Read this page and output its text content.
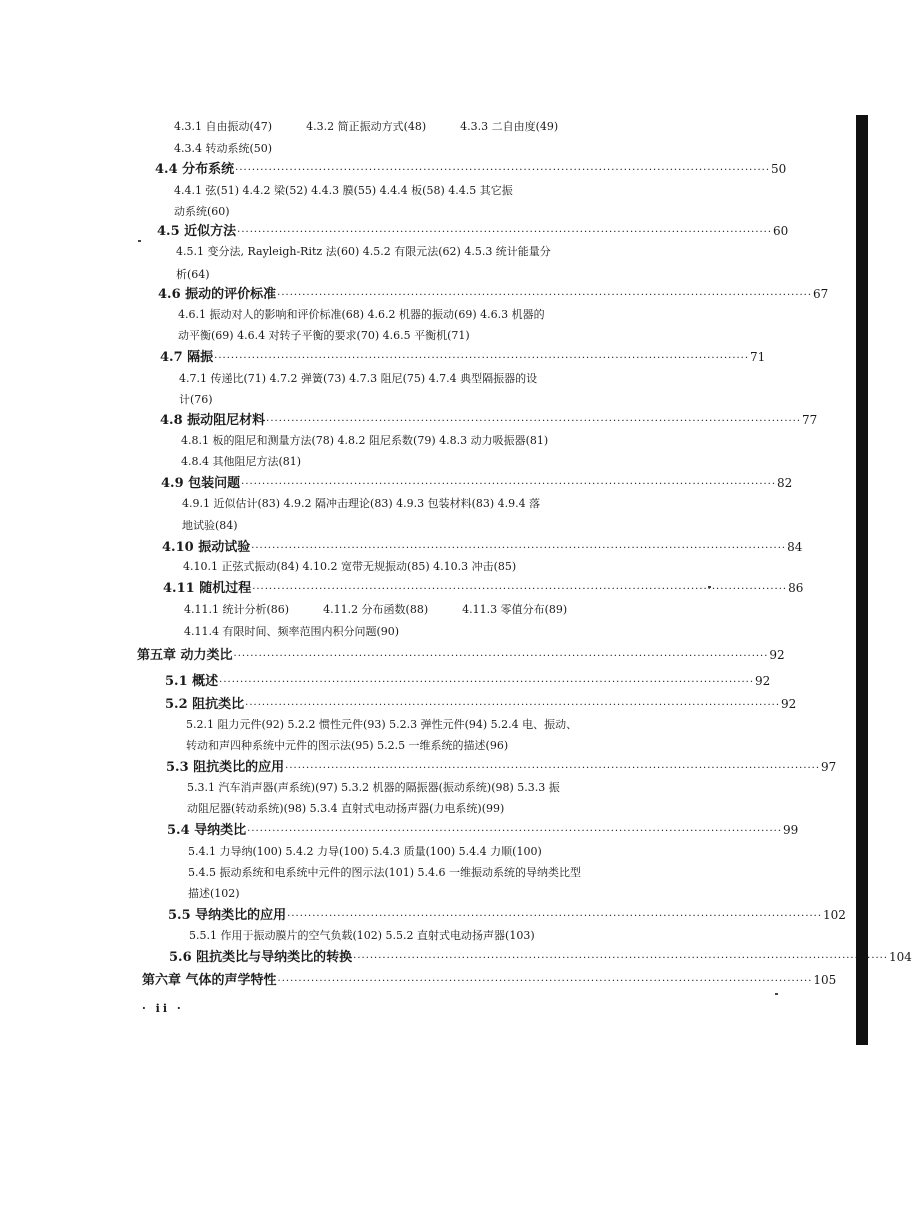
4.3.1 自由振动(47)	4.3.2 简正振动方式(48)	4.3.3 二自由度(49)
4.3.4 转动系统(50)
4.4 分布系统 ································································································································ 50
4.4.1 弦(51) 4.4.2 梁(52) 4.4.3 膜(55) 4.4.4 板(58) 4.4.5 其它振
动系统(60)
4.5 近似方法 ································································································································ 60
4.5.1 变分法, Rayleigh-Ritz 法(60) 4.5.2 有限元法(62) 4.5.3 统计能量分
析(64)
4.6 振动的评价标准 ································································································································ 67
4.6.1 振动对人的影响和评价标准(68) 4.6.2 机器的振动(69) 4.6.3 机器的
动平衡(69) 4.6.4 对转子平衡的要求(70) 4.6.5 平衡机(71)
4.7 隔振 ································································································································ 71
4.7.1 传递比(71) 4.7.2 弹簧(73) 4.7.3 阻尼(75) 4.7.4 典型隔振器的设
计(76)
4.8 振动阻尼材料 ································································································································ 77
4.8.1 板的阻尼和测量方法(78) 4.8.2 阻尼系数(79) 4.8.3 动力吸振器(81)
4.8.4 其他阻尼方法(81)
4.9 包装问题 ································································································································ 82
4.9.1 近似估计(83) 4.9.2 隔冲击理论(83) 4.9.3 包装材料(83) 4.9.4 落
地试验(84)
4.10 振动试验 ································································································································ 84
4.10.1 正弦式振动(84) 4.10.2 宽带无规振动(85) 4.10.3 冲击(85)
4.11 随机过程 ································································································································ 86
4.11.1 统计分析(86)	4.11.2 分布函数(88)	4.11.3 零值分布(89)
4.11.4 有限时间、频率范围内积分问题(90)
第五章 动力类比 ································································································································ 92
5.1 概述 ································································································································ 92
5.2 阻抗类比 ································································································································ 92
5.2.1 阻力元件(92) 5.2.2 惯性元件(93) 5.2.3 弹性元件(94) 5.2.4 电、振动、
转动和声四种系统中元件的图示法(95) 5.2.5 一维系统的描述(96)
5.3 阻抗类比的应用 ································································································································ 97
5.3.1 汽车消声器(声系统)(97) 5.3.2 机器的隔振器(振动系统)(98) 5.3.3 振
动阻尼器(转动系统)(98) 5.3.4 直射式电动扬声器(力电系统)(99)
5.4 导纳类比 ································································································································ 99
5.4.1 力导纳(100) 5.4.2 力导(100) 5.4.3 质量(100) 5.4.4 力顺(100)
5.4.5 振动系统和电系统中元件的图示法(101) 5.4.6 一维振动系统的导纳类比型
描述(102)
5.5 导纳类比的应用 ································································································································ 102
5.5.1 作用于振动膜片的空气负载(102) 5.5.2 直射式电动扬声器(103)
5.6 阻抗类比与导纳类比的转换 ································································································································ 104
第六章 气体的声学特性 ································································································································ 105
· ii ·
